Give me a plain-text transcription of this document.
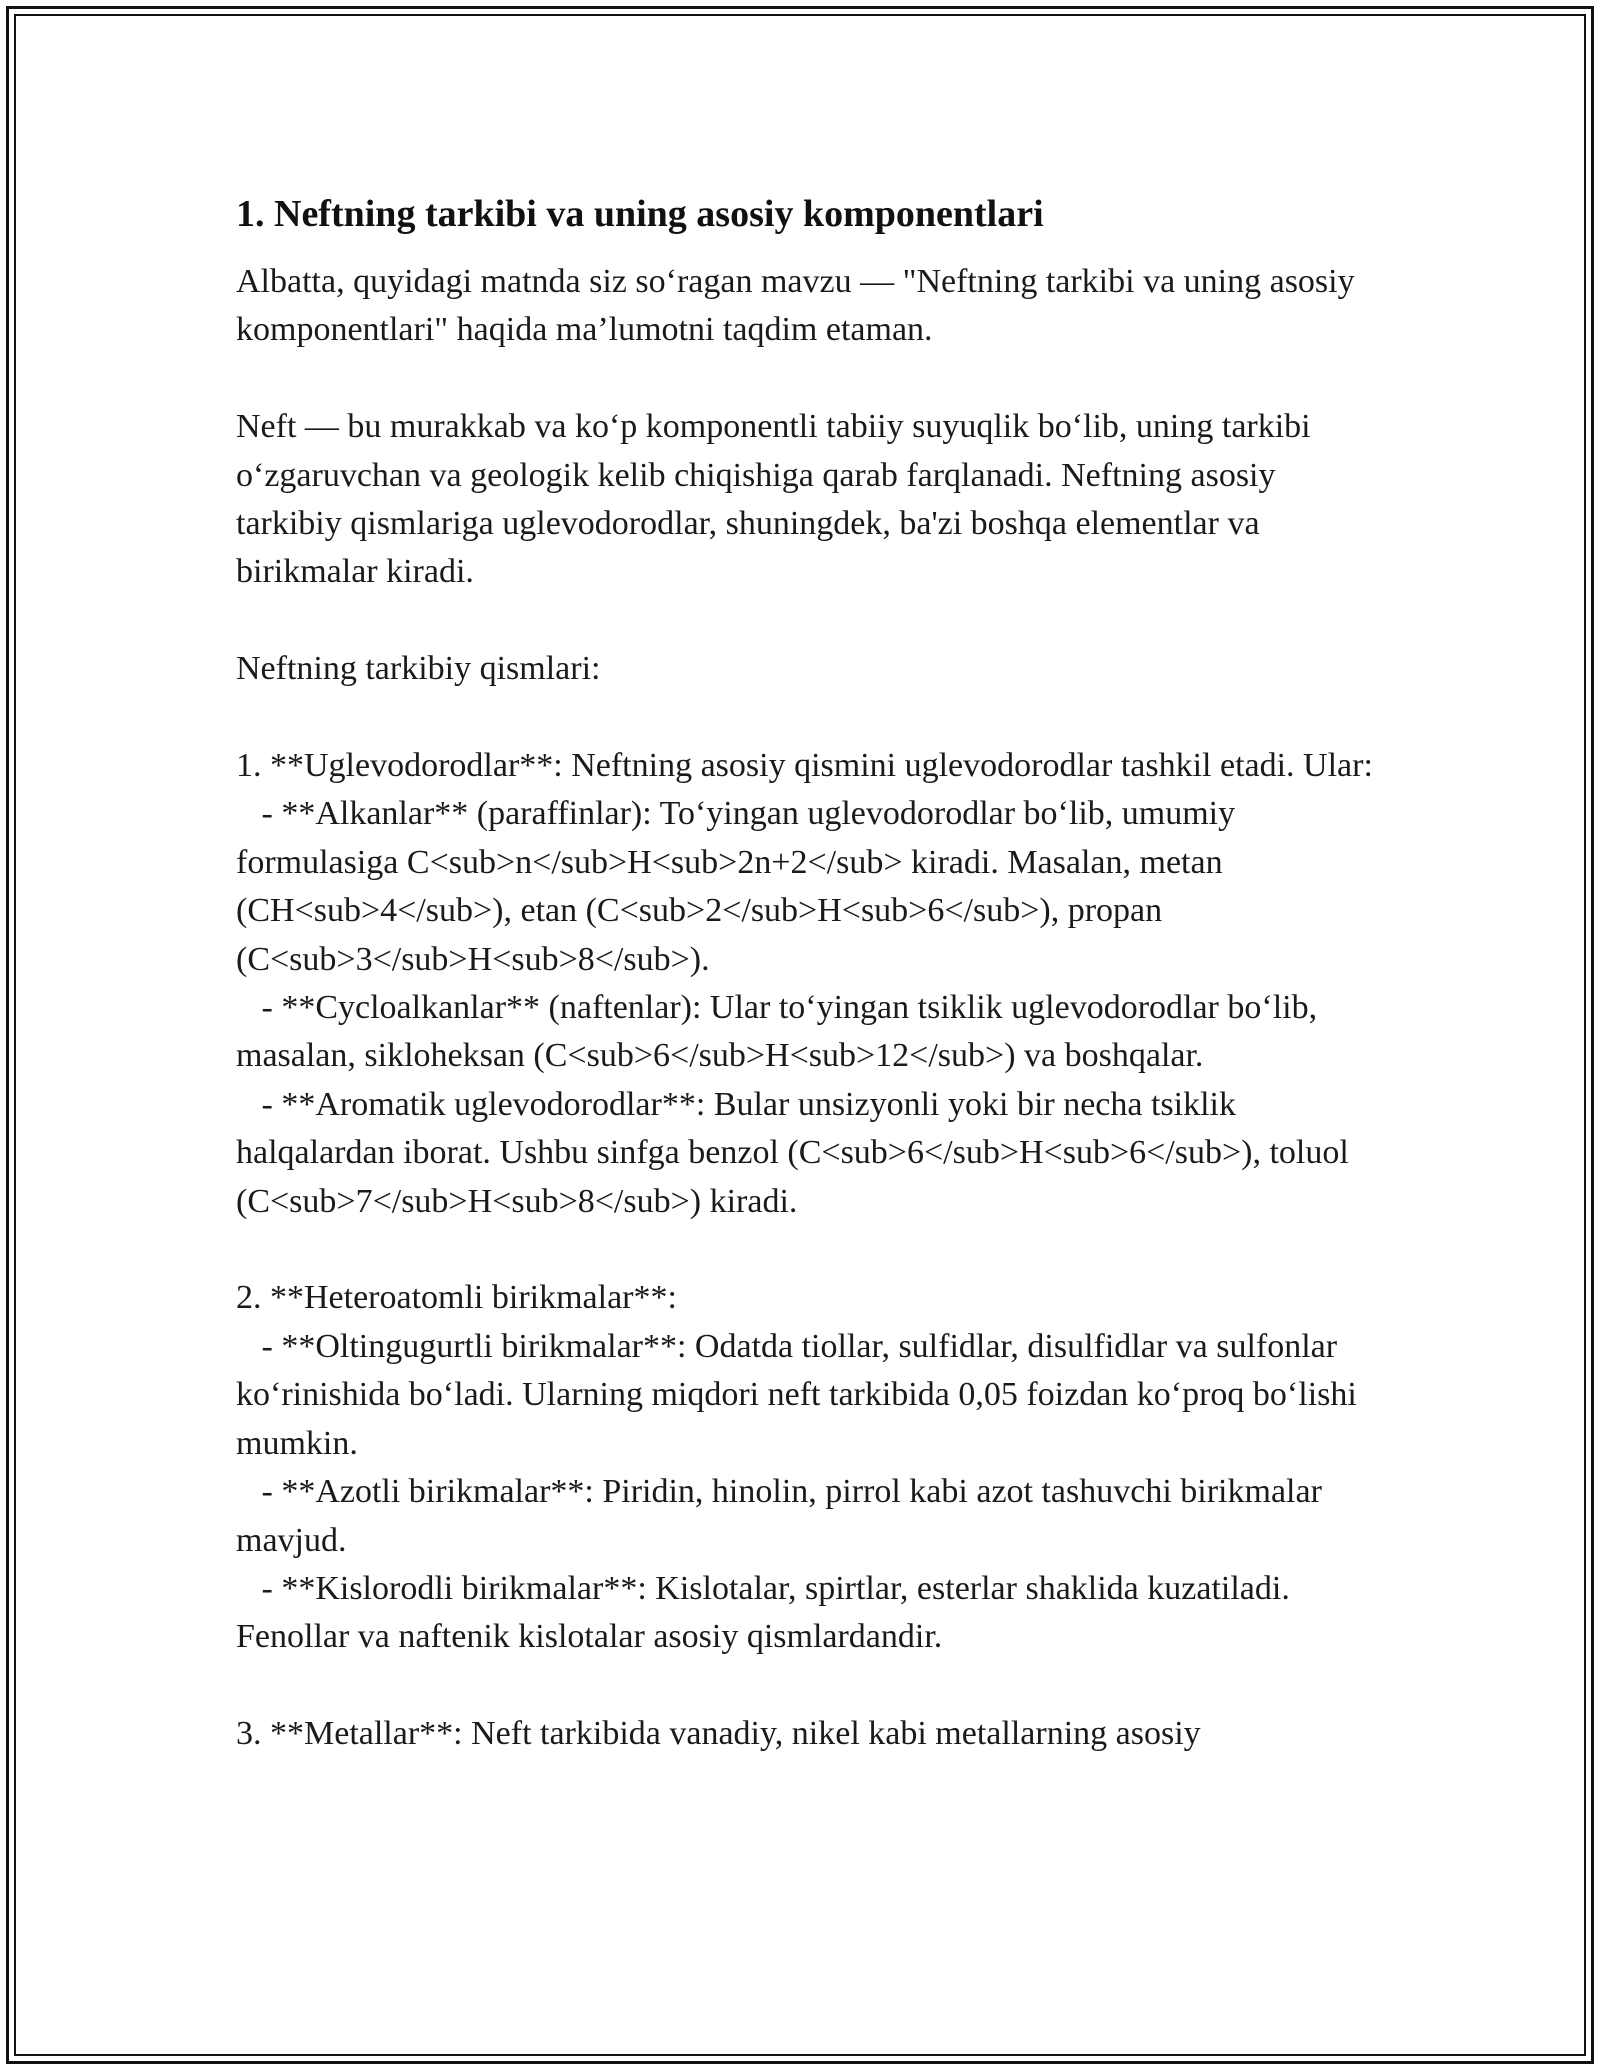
1. Neftning tarkibi va uning asosiy komponentlari

Albatta, quyidagi matnda siz so‘ragan mavzu — "Neftning tarkibi va uning asosiy komponentlari" haqida ma’lumotni taqdim etaman.

Neft — bu murakkab va ko‘p komponentli tabiiy suyuqlik bo‘lib, uning tarkibi o‘zgaruvchan va geologik kelib chiqishiga qarab farqlanadi. Neftning asosiy tarkibiy qismlariga uglevodorodlar, shuningdek, ba'zi boshqa elementlar va birikmalar kiradi.

Neftning tarkibiy qismlari:

1. **Uglevodorodlar**: Neftning asosiy qismini uglevodorodlar tashkil etadi. Ular:
- **Alkanlar** (paraffinlar): To‘yingan uglevodorodlar bo‘lib, umumiy formulasiga C<sub>n</sub>H<sub>2n+2</sub> kiradi. Masalan, metan (CH<sub>4</sub>), etan (C<sub>2</sub>H<sub>6</sub>), propan (C<sub>3</sub>H<sub>8</sub>).
- **Cycloalkanlar** (naftenlar): Ular to‘yingan tsiklik uglevodorodlar bo‘lib, masalan, sikloheksan (C<sub>6</sub>H<sub>12</sub>) va boshqalar.
- **Aromatik uglevodorodlar**: Bular unsizyonli yoki bir necha tsiklik halqalardan iborat. Ushbu sinfga benzol (C<sub>6</sub>H<sub>6</sub>), toluol (C<sub>7</sub>H<sub>8</sub>) kiradi.

2. **Heteroatomli birikmalar**:
- **Oltingugurtli birikmalar**: Odatda tiollar, sulfidlar, disulfidlar va sulfonlar ko‘rinishida bo‘ladi. Ularning miqdori neft tarkibida 0,05 foizdan ko‘proq bo‘lishi mumkin.
- **Azotli birikmalar**: Piridin, hinolin, pirrol kabi azot tashuvchi birikmalar mavjud.
- **Kislorodli birikmalar**: Kislotalar, spirtlar, esterlar shaklida kuzatiladi. Fenollar va naftenik kislotalar asosiy qismlardandir.

3. **Metallar**: Neft tarkibida vanadiy, nikel kabi metallarning asosiy
